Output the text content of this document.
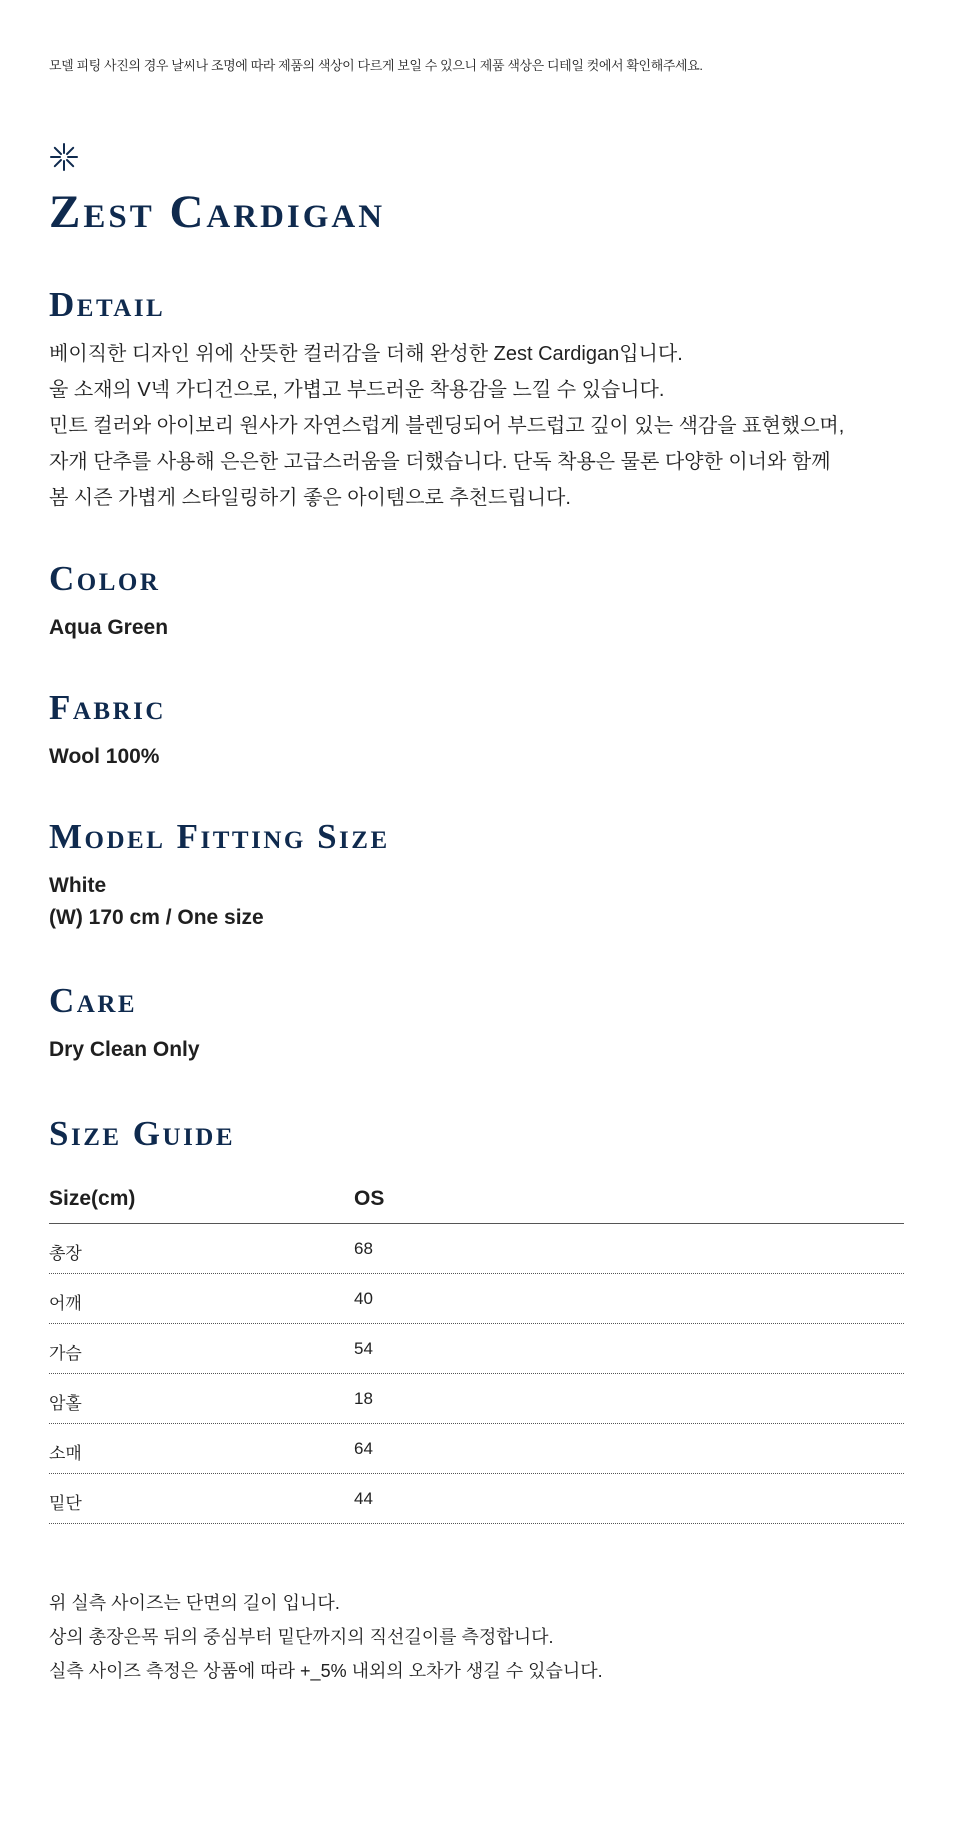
모델 피팅 사진의 경우 날씨나 조명에 따라 제품의 색상이 다르게 보일 수 있으니 제품 색상은 디테일 컷에서 확인해주세요.
Zest Cardigan
Detail
베이직한 디자인 위에 산뜻한 컬러감을 더해 완성한 Zest Cardigan입니다.
울 소재의 V넥 가디건으로, 가볍고 부드러운 착용감을 느낄 수 있습니다.
민트 컬러와 아이보리 원사가 자연스럽게 블렌딩되어 부드럽고 깊이 있는 색감을 표현했으며,
자개 단추를 사용해 은은한 고급스러움을 더했습니다. 단독 착용은 물론 다양한 이너와 함께
봄 시즌 가볍게 스타일링하기 좋은 아이템으로 추천드립니다.
Color
Aqua Green
Fabric
Wool 100%
Model Fitting Size
White
(W) 170 cm / One size
Care
Dry Clean Only
Size Guide
Size(cm)	OS
총장	68
어깨	40
가슴	54
암홀	18
소매	64
밑단	44
위 실측 사이즈는 단면의 길이 입니다.
상의 총장은목 뒤의 중심부터 밑단까지의 직선길이를 측정합니다.
실측 사이즈 측정은 상품에 따라 +_5% 내외의 오차가 생길 수 있습니다.
